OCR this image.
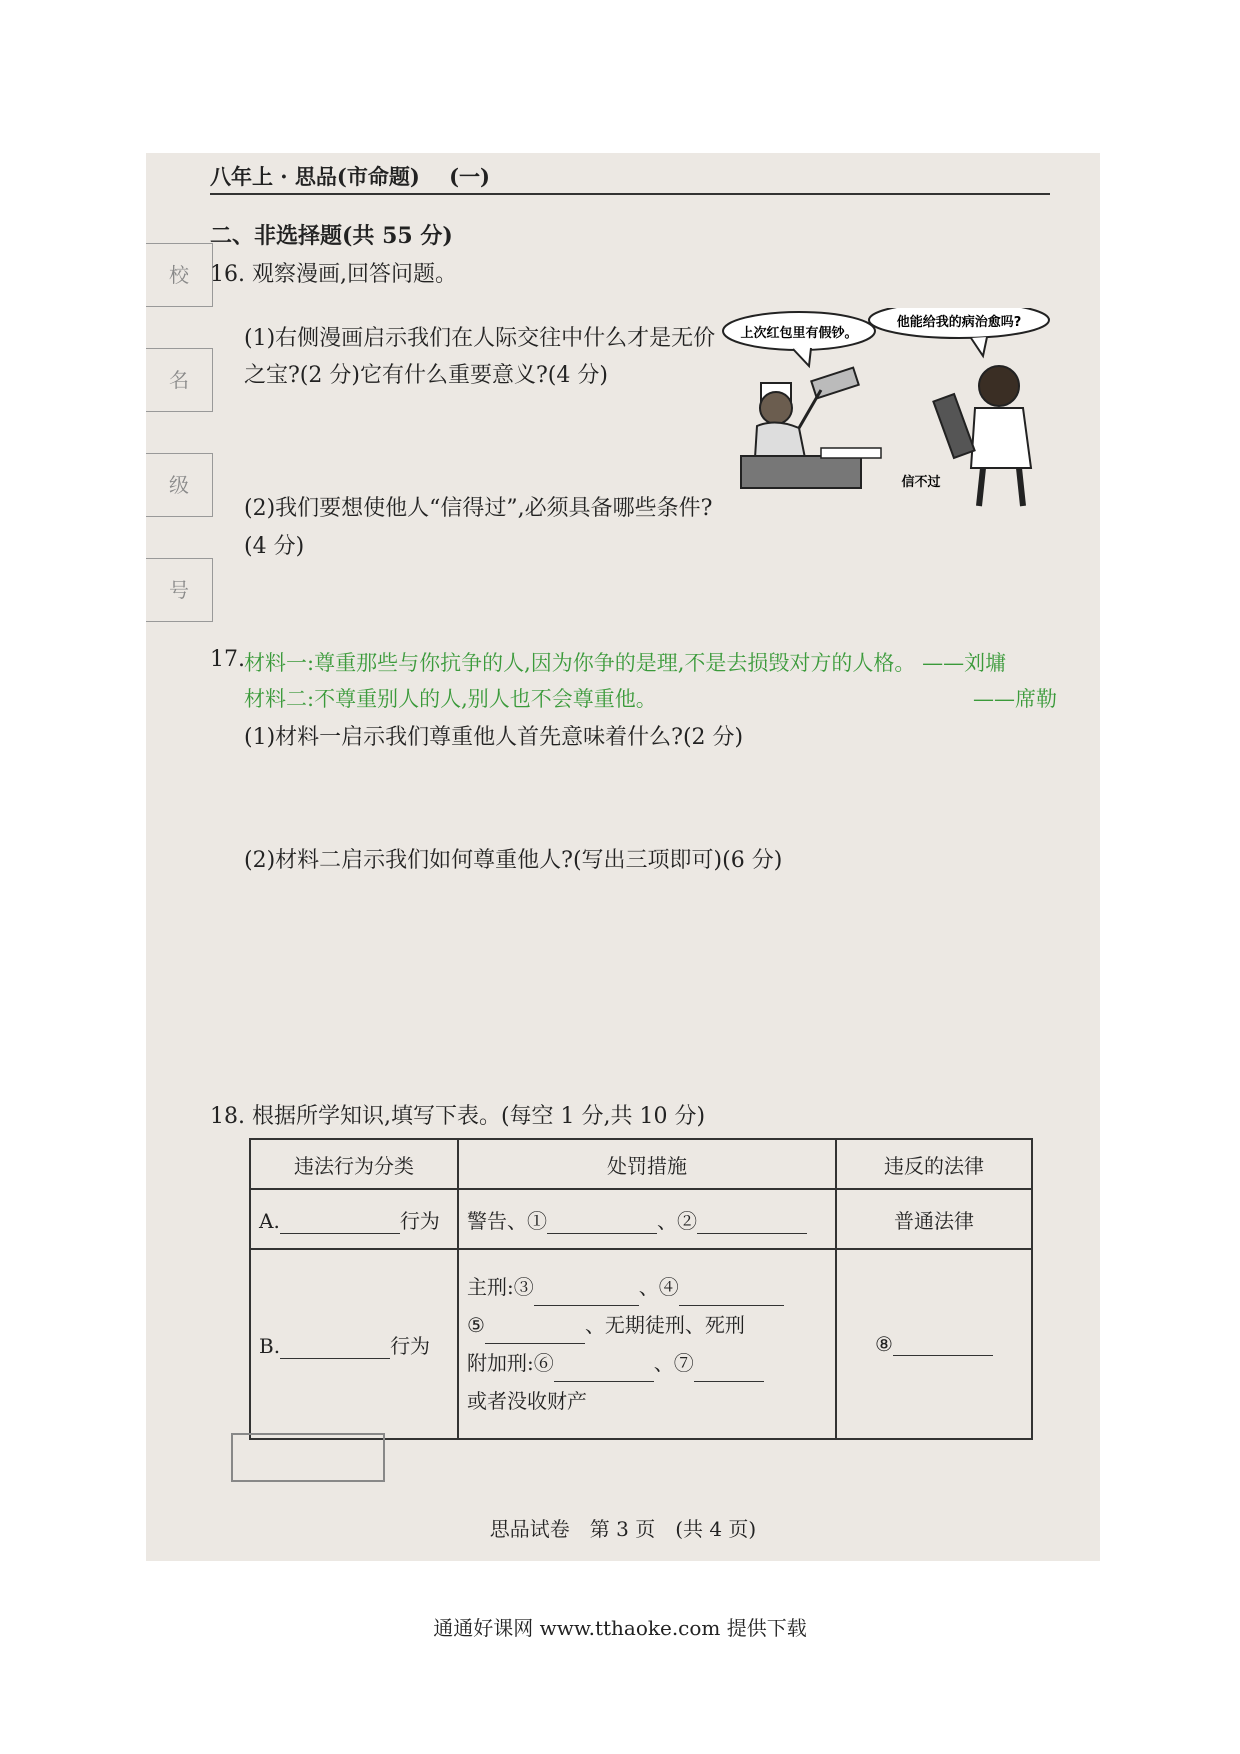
八年上 · 思品(市命题) (一)
校
名
级
号
二、非选择题(共 55 分)
16. 观察漫画,回答问题。
(1)右侧漫画启示我们在人际交往中什么才是无价
之宝?(2 分)它有什么重要意义?(4 分)
(2)我们要想使他人“信得过”,必须具备哪些条件?
(4 分)
上次红包里有假钞。
他能给我的病治愈吗?
信不过
17. 材料一:尊重那些与你抗争的人,因为你争的是理,不是去损毁对方的人格。 ——刘墉
材料二:不尊重别人的人,别人也不会尊重他。	——席勒
(1)材料一启示我们尊重他人首先意味着什么?(2 分)
(2)材料二启示我们如何尊重他人?(写出三项即可)(6 分)
18. 根据所学知识,填写下表。(每空 1 分,共 10 分)
违法行为分类	处罚措施	违反的法律
A. 行为	警告、① 、②	普通法律
B. 行为	主刑:③ 、④
⑤ 、无期徒刑、死刑
附加刑:⑥ 、⑦
或者没收财产	⑧
思品试卷　第 3 页　(共 4 页)
通通好课网 www.tthaoke.com 提供下载
